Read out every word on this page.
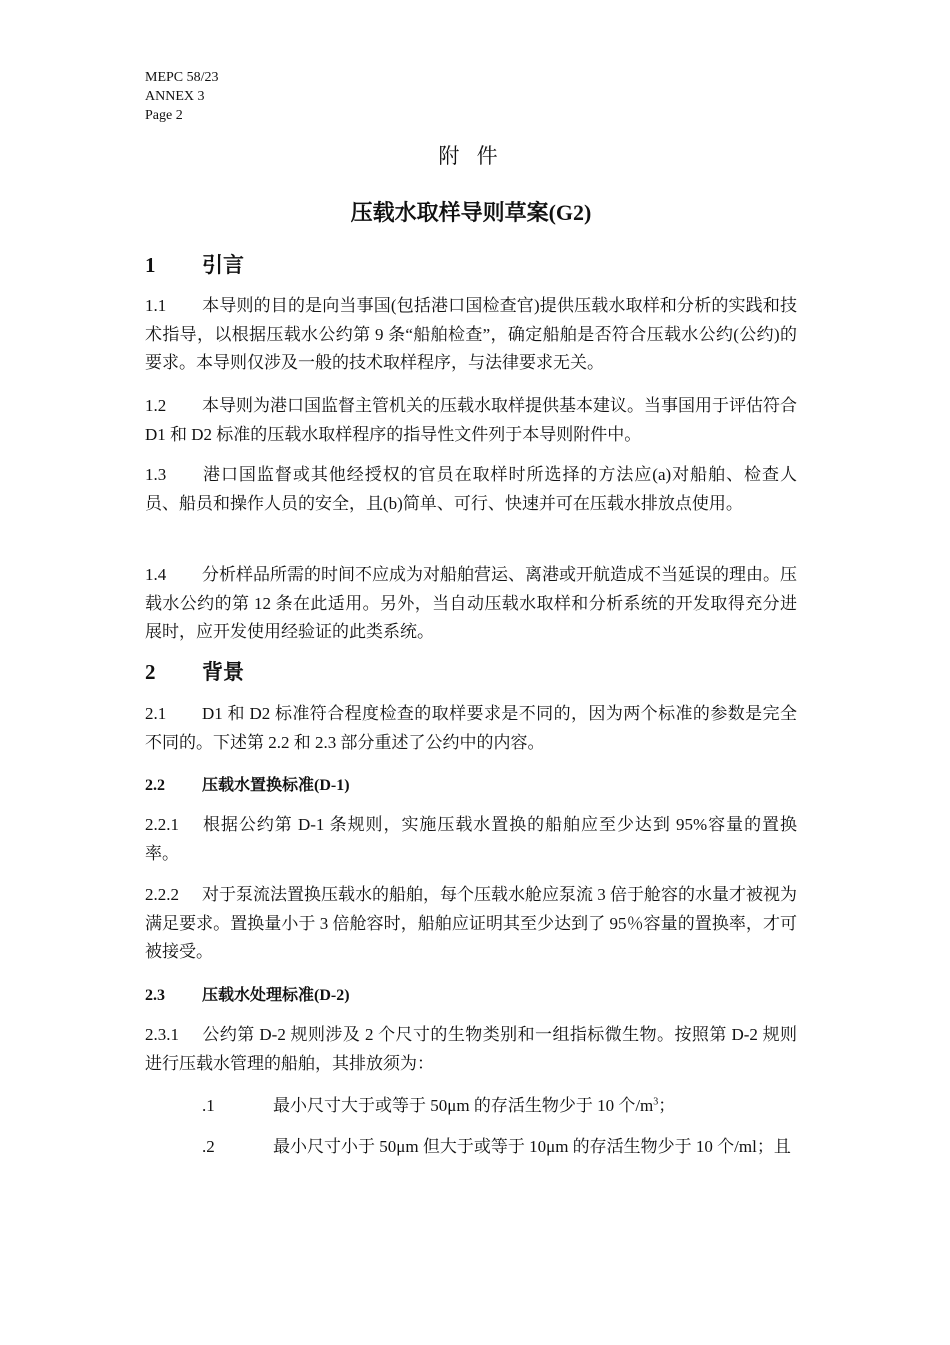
MEPC 58/23
ANNEX 3
Page 2
附 件
压载水取样导则草案(G2)
1 引言
1.1 本导则的目的是向当事国(包括港口国检查官)提供压载水取样和分析的实践和技术指导，以根据压载水公约第 9 条“船舶检查”，确定船舶是否符合压载水公约(公约)的要求。本导则仅涉及一般的技术取样程序，与法律要求无关。
1.2 本导则为港口国监督主管机关的压载水取样提供基本建议。当事国用于评估符合 D1 和 D2 标准的压载水取样程序的指导性文件列于本导则附件中。
1.3 港口国监督或其他经授权的官员在取样时所选择的方法应(a)对船舶、检查人员、船员和操作人员的安全，且(b)简单、可行、快速并可在压载水排放点使用。
1.4 分析样品所需的时间不应成为对船舶营运、离港或开航造成不当延误的理由。压载水公约的第 12 条在此适用。另外，当自动压载水取样和分析系统的开发取得充分进展时，应开发使用经验证的此类系统。
2 背景
2.1 D1 和 D2 标准符合程度检查的取样要求是不同的，因为两个标准的参数是完全不同的。下述第 2.2 和 2.3 部分重述了公约中的内容。
2.2 压载水置换标准(D-1)
2.2.1 根据公约第 D-1 条规则，实施压载水置换的船舶应至少达到 95%容量的置换率。
2.2.2 对于泵流法置换压载水的船舶，每个压载水舱应泵流 3 倍于舱容的水量才被视为满足要求。置换量小于 3 倍舱容时，船舶应证明其至少达到了 95％容量的置换率，才可被接受。
2.3 压载水处理标准(D-2)
2.3.1 公约第 D-2 规则涉及 2 个尺寸的生物类别和一组指标微生物。按照第 D-2 规则进行压载水管理的船舶，其排放须为：
.1	最小尺寸大于或等于 50μm 的存活生物少于 10 个$/m^3$；
.2	最小尺寸小于 50μm 但大于或等于 10μm 的存活生物少于 10 个/ml；且
